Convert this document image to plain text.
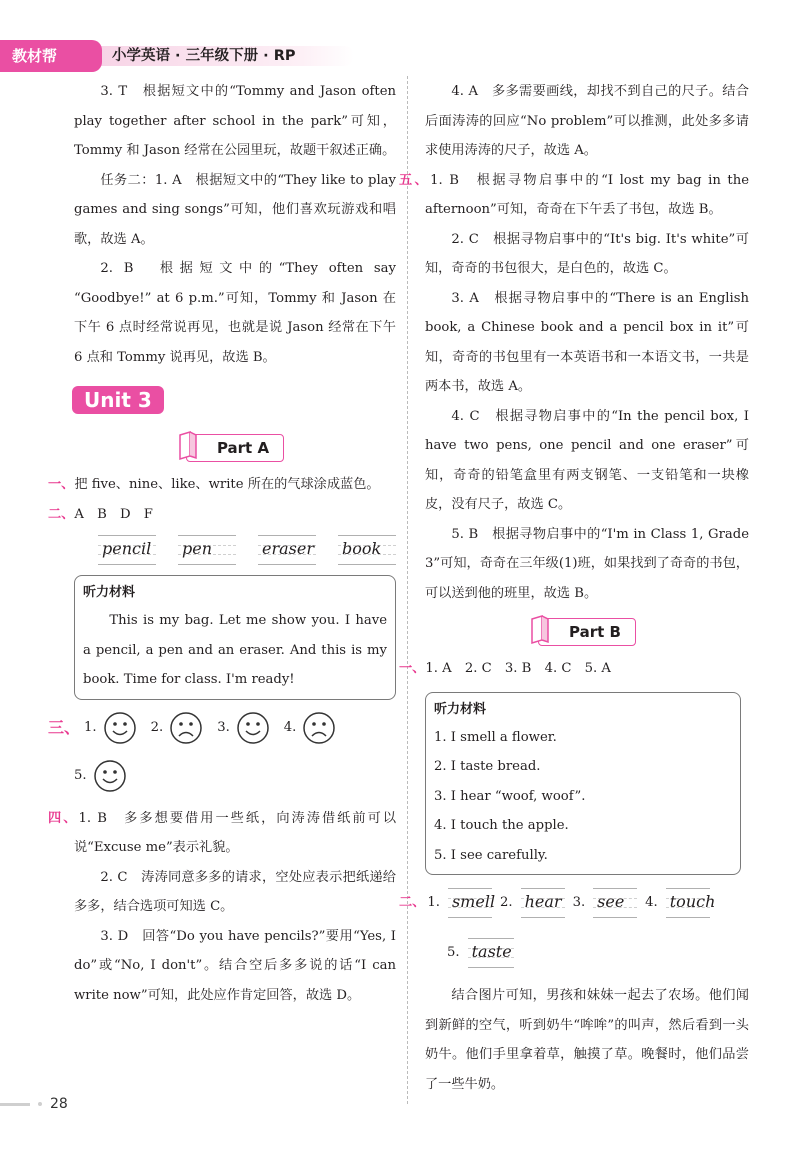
教材帮	小学英语 · 三年级下册 · RP

3. T　根据短文中的“Tommy and Jason often play together after school in the park”可知，Tommy 和 Jason 经常在公园里玩，故题干叙述正确。

任务二：1. A　根据短文中的“They like to play games and sing songs”可知，他们喜欢玩游戏和唱歌，故选 A。

2. B　根据短文中的“They often say “Goodbye!” at 6 p.m.”可知，Tommy 和 Jason 在下午 6 点时经常说再见，也就是说 Jason 经常在下午 6 点和 Tommy 说再见，故选 B。

Unit 3
Part A

一、把 five、nine、like、write 所在的气球涂成蓝色。

二、A　B　D　F

pencil pen	eraser book
听力材料

This is my bag. Let me show you. I have a pencil, a pen and an eraser. And this is my book. Time for class. I'm ready!

三、 1.	2.	3.	4.
5.

四、1. B　多多想要借用一些纸，向涛涛借纸前可以说“Excuse me”表示礼貌。

2. C　涛涛同意多多的请求，空处应表示把纸递给多多，结合选项可知选 C。

3. D　回答“Do you have pencils?”要用“Yes, I do”或“No, I don't”。结合空后多多说的话“I can write now”可知，此处应作肯定回答，故选 D。

4. A　多多需要画线，却找不到自己的尺子。结合后面涛涛的回应“No problem”可以推测，此处多多请求使用涛涛的尺子，故选 A。

五、1. B　根据寻物启事中的“I lost my bag in the afternoon”可知，奇奇在下午丢了书包，故选 B。

2. C　根据寻物启事中的“It's big. It's white”可知，奇奇的书包很大，是白色的，故选 C。

3. A　根据寻物启事中的“There is an English book, a Chinese book and a pencil box in it”可知，奇奇的书包里有一本英语书和一本语文书，一共是两本书，故选 A。

4. C　根据寻物启事中的“In the pencil box, I have two pens, one pencil and one eraser”可知，奇奇的铅笔盒里有两支钢笔、一支铅笔和一块橡皮，没有尺子，故选 C。

5. B　根据寻物启事中的“I'm in Class 1, Grade 3”可知，奇奇在三年级(1)班，如果找到了奇奇的书包，可以送到他的班里，故选 B。

Part B

一、1. A　2. C　3. B　4. C　5. A

听力材料

1. I smell a flower.

2. I taste bread.

3. I hear “woof, woof”.

4. I touch the apple.

5. I see carefully.

二、 1. smell 2. hear 3. see 4. touch
5. taste

结合图片可知，男孩和妹妹一起去了农场。他们闻到新鲜的空气，听到奶牛“哞哞”的叫声，然后看到一头奶牛。他们手里拿着草，触摸了草。晚餐时，他们品尝了一些牛奶。

28
